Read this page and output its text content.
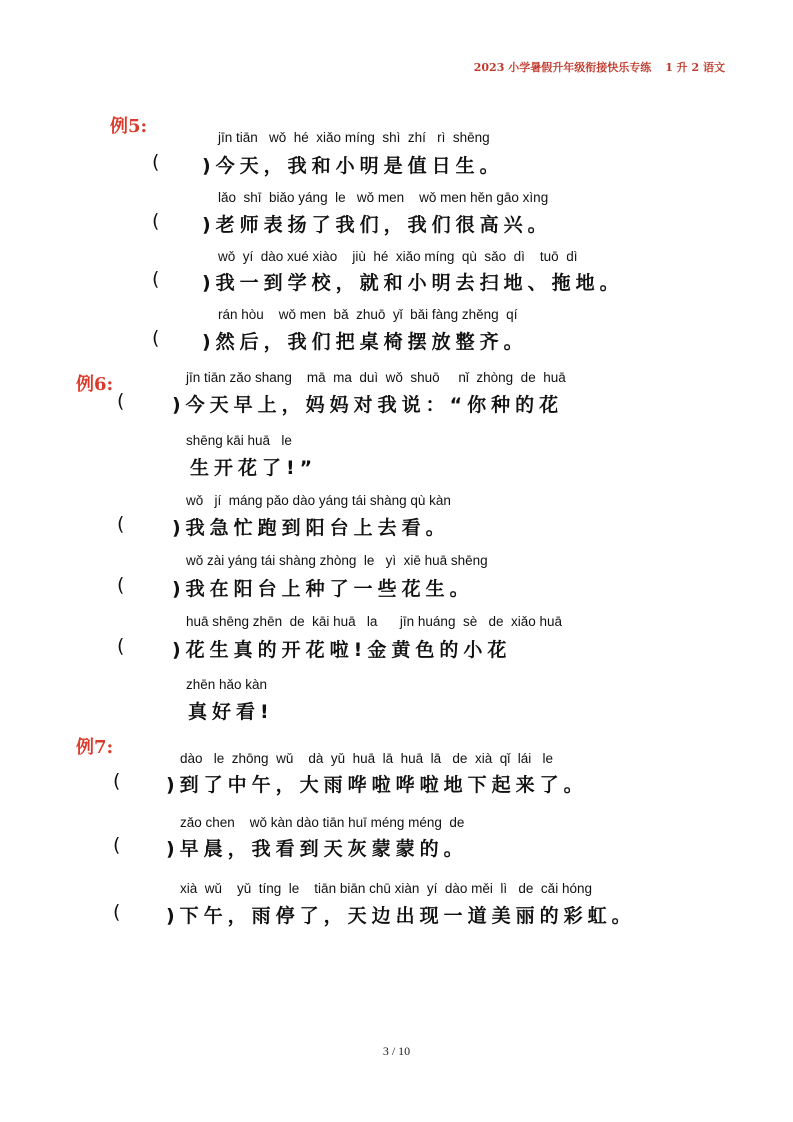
2023 小学暑假升年级衔接快乐专练 1 升 2 语文
例5:
jīn tiān   wǒ  hé  xiǎo míng  shì  zhí   rì  shēng
( )今天，我和小明是值日生。
lǎo  shī  biǎo yáng  le   wǒ men    wǒ men hěn gāo xìng
( )老师表扬了我们，我们很高兴。
wǒ  yí  dào xué xiào    jiù  hé  xiǎo míng  qù  sǎo  dì    tuō  dì
( )我一到学校，就和小明去扫地、拖地。
rán hòu    wǒ men  bǎ  zhuō  yǐ  bǎi fàng zhěng  qí
( )然后，我们把桌椅摆放整齐。
例6:	jīn tiān zǎo shang    mā  ma  duì  wǒ  shuō     nǐ  zhòng  de  huā
(	)今天早上，妈妈对我说：“你种的花
shēng kāi huā   le
生开花了!”
wǒ   jí  máng pǎo dào yáng tái shàng qù kàn
(	)我急忙跑到阳台上去看。
wǒ zài yáng tái shàng zhòng  le   yì  xiē huā shēng
(	)我在阳台上种了一些花生。
huā shēng zhēn  de  kāi huā   la      jīn huáng  sè   de  xiǎo huā
(	)花生真的开花啦!金黄色的小花
zhēn hǎo kàn
真好看!
例7:
dào   le  zhōng  wǔ    dà  yǔ  huā  lā  huā  lā   de  xià  qǐ  lái   le
( )到了中午，大雨哗啦哗啦地下起来了。
zǎo chen    wǒ kàn dào tiān huī méng méng  de
( )早晨，我看到天灰蒙蒙的。
xià  wǔ    yǔ  tíng  le    tiān biān chū xiàn  yí  dào měi  lì   de  cǎi hóng
( )下午，雨停了，天边出现一道美丽的彩虹。
3 / 10
